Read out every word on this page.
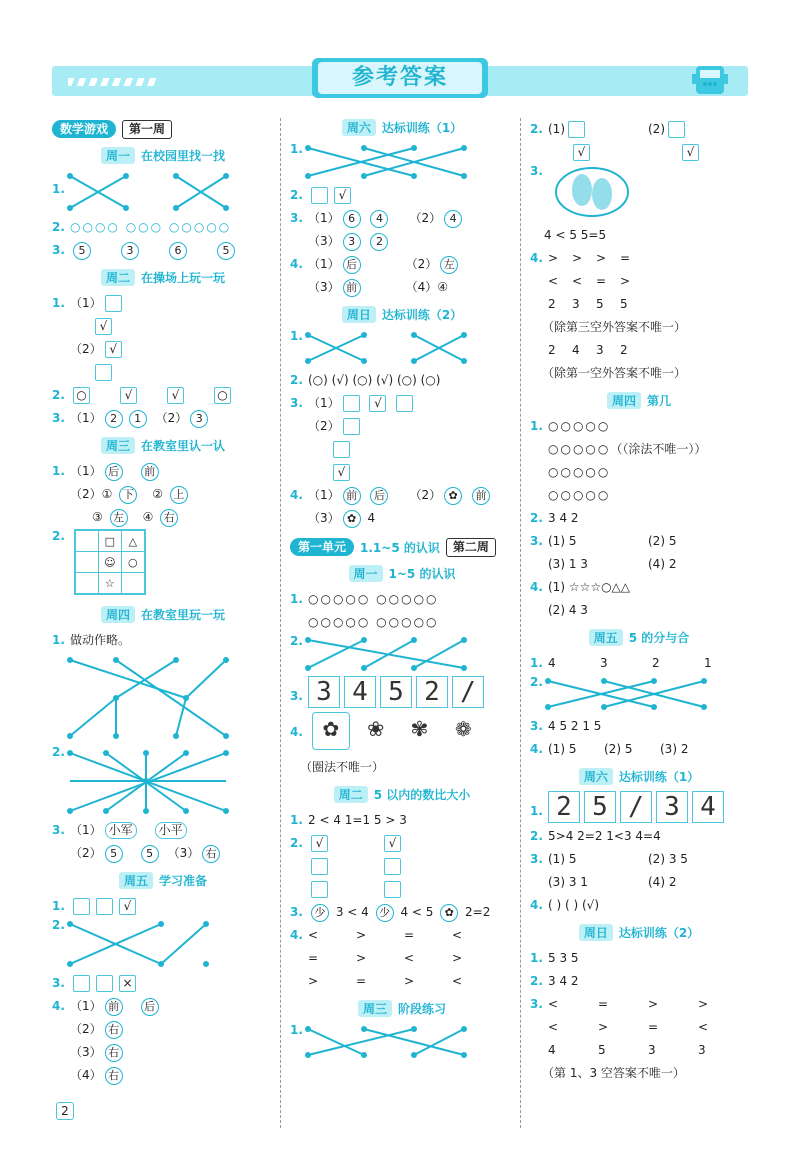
参考答案
数学游戏	第一周
周一 在校园里找一找
1.
2. ○○○○ ○○○ ○○○○○
3. 5	3	6	5
周二 在操场上玩一玩
1. （1）
√
（2） √
2. ○	√	√	○
3. （1） 2 1　（2） 3
周三 在教室里认一认
1. （1） 后　 前
（2）① 下　 ② 上
③ 左　 ④ 右
2.		□	△
	☺	○
	☆	
周四 在教室里玩一玩
1. 做动作略。
2.
3. （1） 小军　 小平
（2） 5　	5　（3） 右
周五 学习准备
1.	√
2.
3.	×
4. （1） 前　 后
（2） 右
（3） 右
（4） 右
周六 达标训练（1）
1.
2.	√
3. （1） 6 4　　（2） 4
（3） 3 2
4. （1） 后　　　　（2） 左
（3） 前　　　　（4）④
周日 达标训练（2）
1.
2. (○) (√) (○) (√) (○) (○)
3. （1）	√
（2）
√
4. （1） 前 后　　（2） ✿ 前
（3） ✿ 4
第一单元	1.1~5 的认识	第二周
周一 1~5 的认识
1. ○○○○○ ○○○○○
○○○○○ ○○○○○
2.
3. 3 4 5 2 /
4. ✿ ❀ ✾ ❁
（圈法不唯一）
周二 5 以内的数比大小
1. 2 < 4 1=1 5 > 3
2. √	√
3. 少 3 < 4 少 4 < 5 ✿ 2=2
4. <	>	=	<
=	>	<	>
>	=	>	<
周三 阶段练习
1.
2. (1)	(2)
√	√
3.
4 < 5 5=5
4. > > > =
< < = >
2 3 5 5
（除第三空外答案不唯一）
2 4 3 2
（除第一空外答案不唯一）
周四 第几
1. ○○○○○
○○○○○（（涂法不唯一））
○○○○○
○○○○○
2. 3 4 2
3. (1) 5	(2) 5
(3) 1 3	(4) 2
4. (1) ☆☆☆○△△
(2) 4 3
周五 5 的分与合
1. 4	3	2	1
2.
3. 4 5 2 1 5
4. (1) 5 (2) 5 (3) 2
周六 达标训练（1）
1. 2 5 / 3 4
2. 5>4 2=2 1<3 4=4
3. (1) 5	(2) 3 5
(3) 3 1	(4) 2
4. ( ) ( ) (√)
周日 达标训练（2）
1. 5 3 5
2. 3 4 2
3. <	=	>	>
<	>	=	<
4	5	3	3
（第 1、3 空答案不唯一）
2
